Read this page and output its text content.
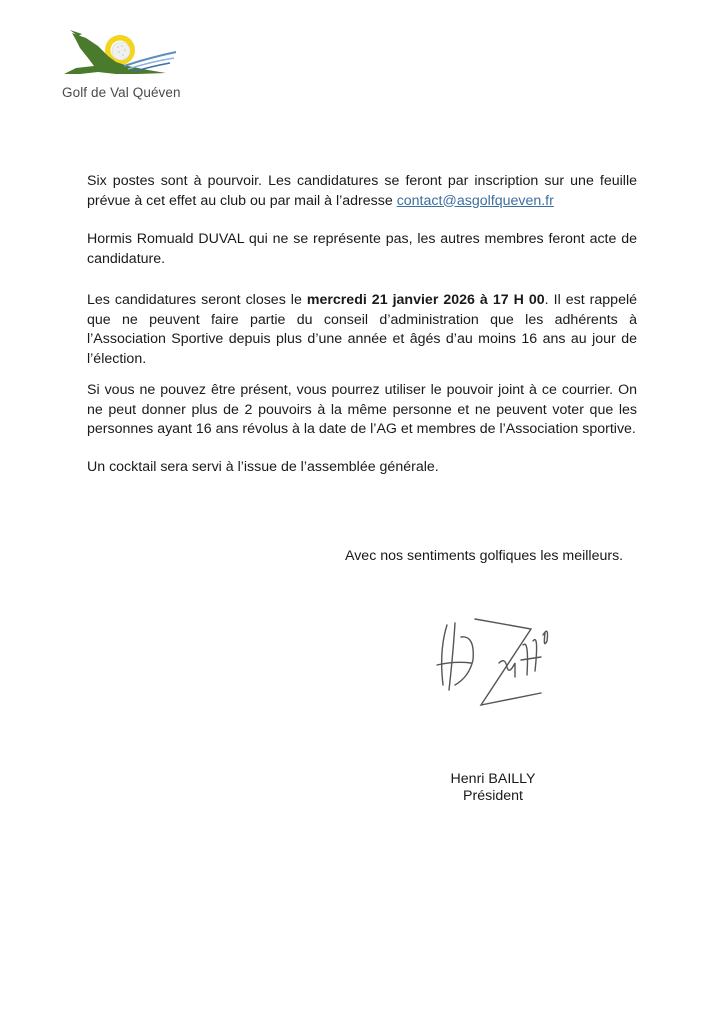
Golf de Val Quéven

Six postes sont à pourvoir. Les candidatures se feront par inscription sur une feuille prévue à cet effet au club ou par mail à l’adresse contact@asgolfqueven.fr

Hormis Romuald DUVAL qui ne se représente pas, les autres membres feront acte de candidature.

Les candidatures seront closes le mercredi 21 janvier 2026 à 17 H 00. Il est rappelé que ne peuvent faire partie du conseil d’administration que les adhérents à l’Association Sportive depuis plus d’une année et âgés d’au moins 16 ans au jour de l’élection.

Si vous ne pouvez être présent, vous pourrez utiliser le pouvoir joint à ce courrier. On ne peut donner plus de 2 pouvoirs à la même personne et ne peuvent voter que les personnes ayant 16 ans révolus à la date de l’AG et membres de l’Association sportive.

Un cocktail sera servi à l’issue de l’assemblée générale.

Avec nos sentiments golfiques les meilleurs.
Henri BAILLY
Président
